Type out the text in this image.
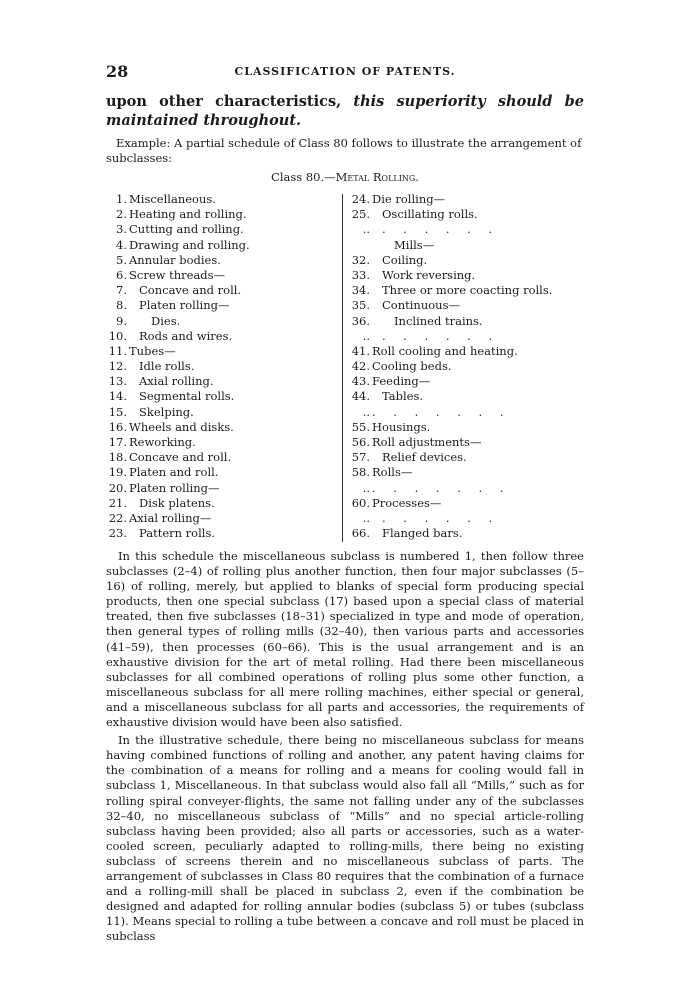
28	CLASSIFICATION OF PATENTS.
upon other characteristics, this superiority should be maintained throughout.
Example: A partial schedule of Class 80 follows to illustrate the arrangement of subclasses:
Class 80.—Metal Rolling.
1. Miscellaneous.
2. Heating and rolling.
3. Cutting and rolling.
4. Drawing and rolling.
5. Annular bodies.
6. Screw threads—
7. Concave and roll.
8. Platen rolling—
9. Dies.
10. Rods and wires.
11. Tubes—
12. Idle rolls.
13. Axial rolling.
14. Segmental rolls.
15. Skelping.
16. Wheels and disks.
17. Reworking.
18. Concave and roll.
19. Platen and roll.
20. Platen rolling—
21. Disk platens.
22. Axial rolling—
23. Pattern rolls.
24. Die rolling—
25. Oscillating rolls.
.. . . . . . .
Mills—
32. Coiling.
33. Work reversing.
34. Three or more coacting rolls.
35. Continuous—
36. Inclined trains.
.. . . . . . .
41. Roll cooling and heating.
42. Cooling beds.
43. Feeding—
44. Tables.
.. . . . . . . .
55. Housings.
56. Roll adjustments—
57. Relief devices.
58. Rolls—
.. . . . . . . .
60. Processes—
.. . . . . . .
66. Flanged bars.

In this schedule the miscellaneous subclass is numbered 1, then follow three subclasses (2–4) of rolling plus another function, then four major subclasses (5–16) of rolling, merely, but applied to blanks of special form producing special products, then one special subclass (17) based upon a special class of material treated, then five subclasses (18–31) specialized in type and mode of operation, then general types of rolling mills (32–40), then various parts and accessories (41–59), then processes (60–66). This is the usual arrangement and is an exhaustive division for the art of metal rolling. Had there been miscellaneous subclasses for all combined operations of rolling plus some other function, a miscellaneous subclass for all mere rolling machines, either special or general, and a miscellaneous subclass for all parts and accessories, the requirements of exhaustive division would have been also satisfied.

In the illustrative schedule, there being no miscellaneous subclass for means having combined functions of rolling and another, any patent having claims for the combination of a means for rolling and a means for cooling would fall in subclass 1, Miscellaneous. In that subclass would also fall all “Mills,” such as for rolling spiral conveyer-flights, the same not falling under any of the subclasses 32–40, no miscellaneous subclass of “Mills” and no special article-rolling subclass having been provided; also all parts or accessories, such as a water-cooled screen, peculiarly adapted to rolling-mills, there being no existing subclass of screens therein and no miscellaneous subclass of parts. The arrangement of subclasses in Class 80 requires that the combination of a furnace and a rolling-mill shall be placed in subclass 2, even if the combination be designed and adapted for rolling annular bodies (subclass 5) or tubes (subclass 11). Means special to rolling a tube between a concave and roll must be placed in subclass
